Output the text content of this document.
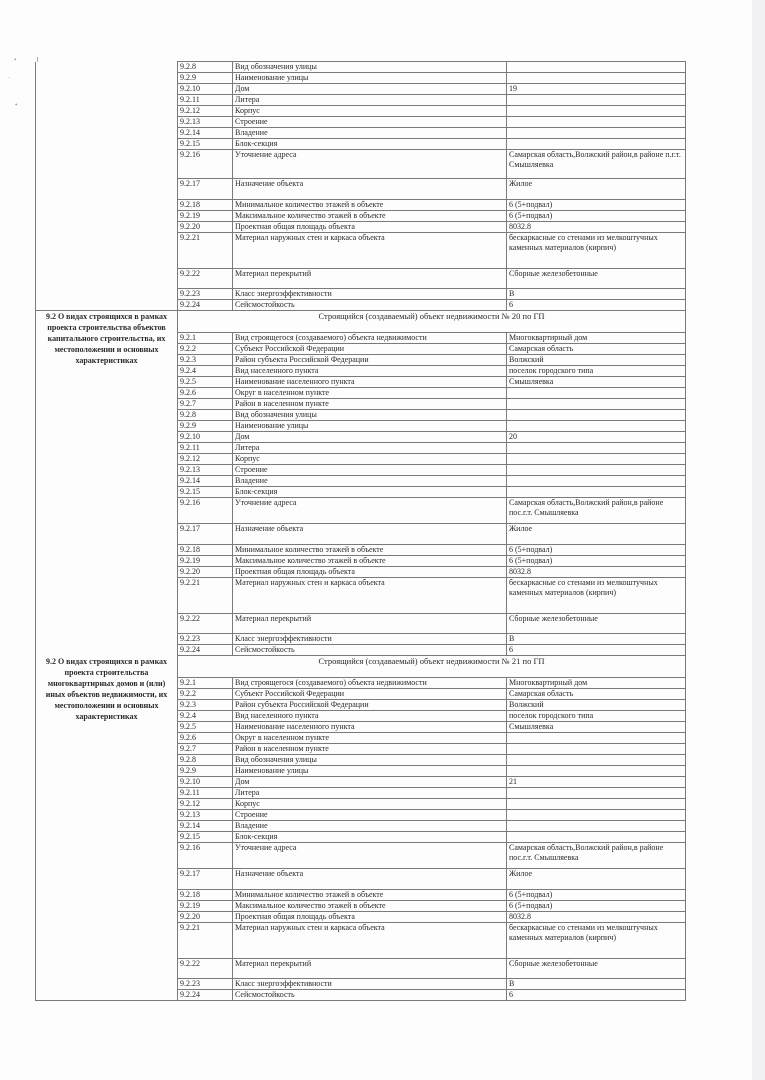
•
·
•
	9.2.8	Вид обозначения улицы	
	9.2.9	Наименование улицы	
	9.2.10	Дом	19
	9.2.11	Литера	
	9.2.12	Корпус	
	9.2.13	Строение	
	9.2.14	Владение	
	9.2.15	Блок-секция	
	9.2.16	Уточнение адреса	Самарская область,Волжский район,в районе п.г.т. Смышляевка
	9.2.17	Назначение объекта	Жилое
	9.2.18	Минимальное количество этажей в объекте	6 (5+подвал)
	9.2.19	Максимальное количество этажей в объекте	6 (5+подвал)
	9.2.20	Проектная общая площадь объекта	8032.8
	9.2.21	Материал наружных стен и каркаса объекта	бескаркасные со стенами из мелкоштучных каменных материалов (кирпич)
	9.2.22	Материал перекрытий	Сборные железобетонные
	9.2.23	Класс энергоэффективности	B
	9.2.24	Сейсмостойкость	6
9.2 О видах строящихся в рамках проекта строительства объектов капитального строительства, их местоположении и основных характеристиках	Строящийся (создаваемый) объект недвижимости № 20 по ГП		
	9.2.1	Вид строящегося (создаваемого) объекта недвижимости	Многоквартирный дом
	9.2.2	Субъект Российской Федерации	Самарская область
	9.2.3	Район субъекта Российской Федерации	Волжский
	9.2.4	Вид населенного пункта	поселок городского типа
	9.2.5	Наименование населенного пункта	Смышляевка
	9.2.6	Округ в населенном пункте	
	9.2.7	Район в населенном пункте	
	9.2.8	Вид обозначения улицы	
	9.2.9	Наименование улицы	
	9.2.10	Дом	20
	9.2.11	Литера	
	9.2.12	Корпус	
	9.2.13	Строение	
	9.2.14	Владение	
	9.2.15	Блок-секция	
	9.2.16	Уточнение адреса	Самарская область,Волжский район,в районе пос.г.т. Смышляевка
	9.2.17	Назначение объекта	Жилое
	9.2.18	Минимальное количество этажей в объекте	6 (5+подвал)
	9.2.19	Максимальное количество этажей в объекте	6 (5+подвал)
	9.2.20	Проектная общая площадь объекта	8032.8
	9.2.21	Материал наружных стен и каркаса объекта	бескаркасные со стенами из мелкоштучных каменных материалов (кирпич)
	9.2.22	Материал перекрытий	Сборные железобетонные
	9.2.23	Класс энергоэффективности	B
	9.2.24	Сейсмостойкость	6
9.2 О видах строящихся в рамках проекта строительства многоквартирных домов и (или) иных объектов недвижимости, их местоположении и основных характеристиках	Строящийся (создаваемый) объект недвижимости № 21 по ГП		
	9.2.1	Вид строящегося (создаваемого) объекта недвижимости	Многоквартирный дом
	9.2.2	Субъект Российской Федерации	Самарская область
	9.2.3	Район субъекта Российской Федерации	Волжский
	9.2.4	Вид населенного пункта	поселок городского типа
	9.2.5	Наименование населенного пункта	Смышляевка
	9.2.6	Округ в населенном пункте	
	9.2.7	Район в населенном пункте	
	9.2.8	Вид обозначения улицы	
	9.2.9	Наименование улицы	
	9.2.10	Дом	21
	9.2.11	Литера	
	9.2.12	Корпус	
	9.2.13	Строение	
	9.2.14	Владение	
	9.2.15	Блок-секция	
	9.2.16	Уточнение адреса	Самарская область,Волжский район,в районе пос.г.т. Смышляевка
	9.2.17	Назначение объекта	Жилое
	9.2.18	Минимальное количество этажей в объекте	6 (5+подвал)
	9.2.19	Максимальное количество этажей в объекте	6 (5+подвал)
	9.2.20	Проектная общая площадь объекта	8032.8
	9.2.21	Материал наружных стен и каркаса объекта	бескаркасные со стенами из мелкоштучных каменных материалов (кирпич)
	9.2.22	Материал перекрытий	Сборные железобетонные
	9.2.23	Класс энергоэффективности	B
	9.2.24	Сейсмостойкость	6
